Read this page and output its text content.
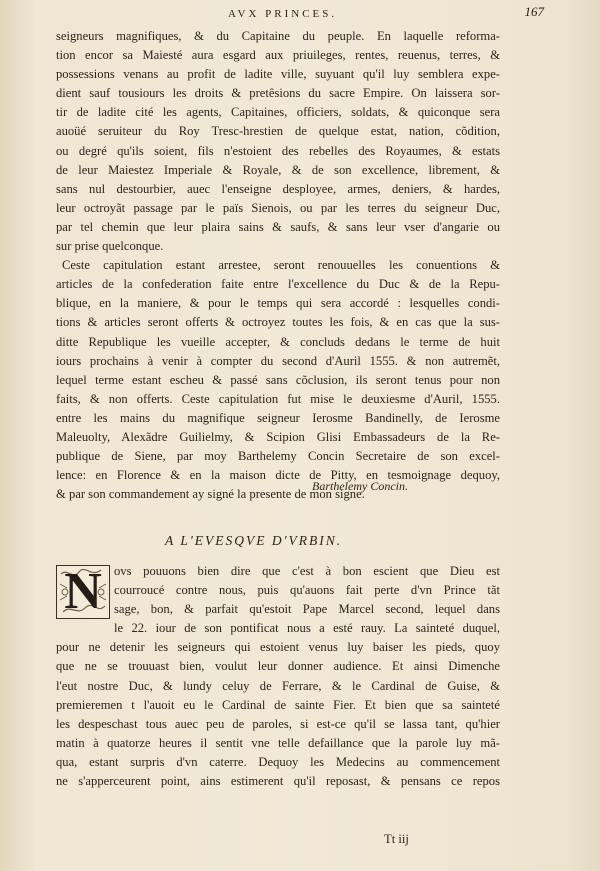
AVX PRINCES.	167
seigneurs magnifiques, & du Capitaine du peuple. En laquelle reforma-
tion encor sa Maiesté aura esgard aux priuileges, rentes, reuenus, terres, &
possessions venans au profit de ladite ville, suyuant qu'il luy semblera expe-
dient sauf tousiours les droits & pretêsions du sacre Empire. On laissera sor-
tir de ladite cité les agents, Capitaines, officiers, soldats, & quiconque sera
auoüé seruiteur du Roy Tresc-hrestien de quelque estat, nation, cõdition,
ou degré qu'ils soient, fils n'estoient des rebelles des Royaumes, & estats
de leur Maiestez Imperiale & Royale, & de son excellence, librement, &
sans nul destourbier, auec l'enseigne desployee, armes, deniers, & hardes,
leur octroyãt passage par le païs Sienois, ou par les terres du seigneur Duc,
par tel chemin que leur plaira sains & saufs, & sans leur vser d'angarie ou
sur prise quelconque.
Ceste capitulation estant arrestee, seront renouuelles les conuentions &
articles de la confederation faite entre l'excellence du Duc & de la Repu-
blique, en la maniere, & pour le temps qui sera accordé : lesquelles condi-
tions & articles seront offerts & octroyez toutes les fois, & en cas que la sus-
ditte Republique les vueille accepter, & concluds dedans le terme de huit
iours prochains à venir à compter du second d'Auril 1555. & non autremẽt,
lequel terme estant escheu & passé sans cõclusion, ils seront tenus pour non
faits, & non offerts. Ceste capitulation fut mise le deuxiesme d'Auril, 1555.
entre les mains du magnifique seigneur Ierosme Bandinelly, de Ierosme
Maleuolty, Alexãdre Guilielmy, & Scipion Glisi Embassadeurs de la Re-
publique de Siene, par moy Barthelemy Concin Secretaire de son excel-
lence: en Florence & en la maison dicte de Pitty, en tesmoignage dequoy,
& par son commandement ay signé la presente de mon signe.
Barthelemy Concin.
A L'EVESQVE D'VRBIN.
N ovs pouuons bien dire que c'est à bon escient que Dieu est
courroucé contre nous, puis qu'auons fait perte d'vn Prince tãt
sage, bon, & parfait qu'estoit Pape Marcel second, lequel dans
le 22. iour de son pontificat nous a esté rauy. La sainteté duquel,
pour ne detenir les seigneurs qui estoient venus luy baiser les pieds, quoy
que ne se trouuast bien, voulut leur donner audience. Et ainsi Dimenche
l'eut nostre Duc, & lundy celuy de Ferrare, & le Cardinal de Guise, &
premieremen t l'auoit eu le Cardinal de sainte Fier. Et bien que sa sainteté
les despeschast tous auec peu de paroles, si est-ce qu'il se lassa tant, qu'hier
matin à quatorze heures il sentit vne telle defaillance que la parole luy mã-
qua, estant surpris d'vn caterre. Dequoy les Medecins au commencement
ne s'apperceurent point, ains estimerent qu'il reposast, & pensans ce repos
Tt iij
